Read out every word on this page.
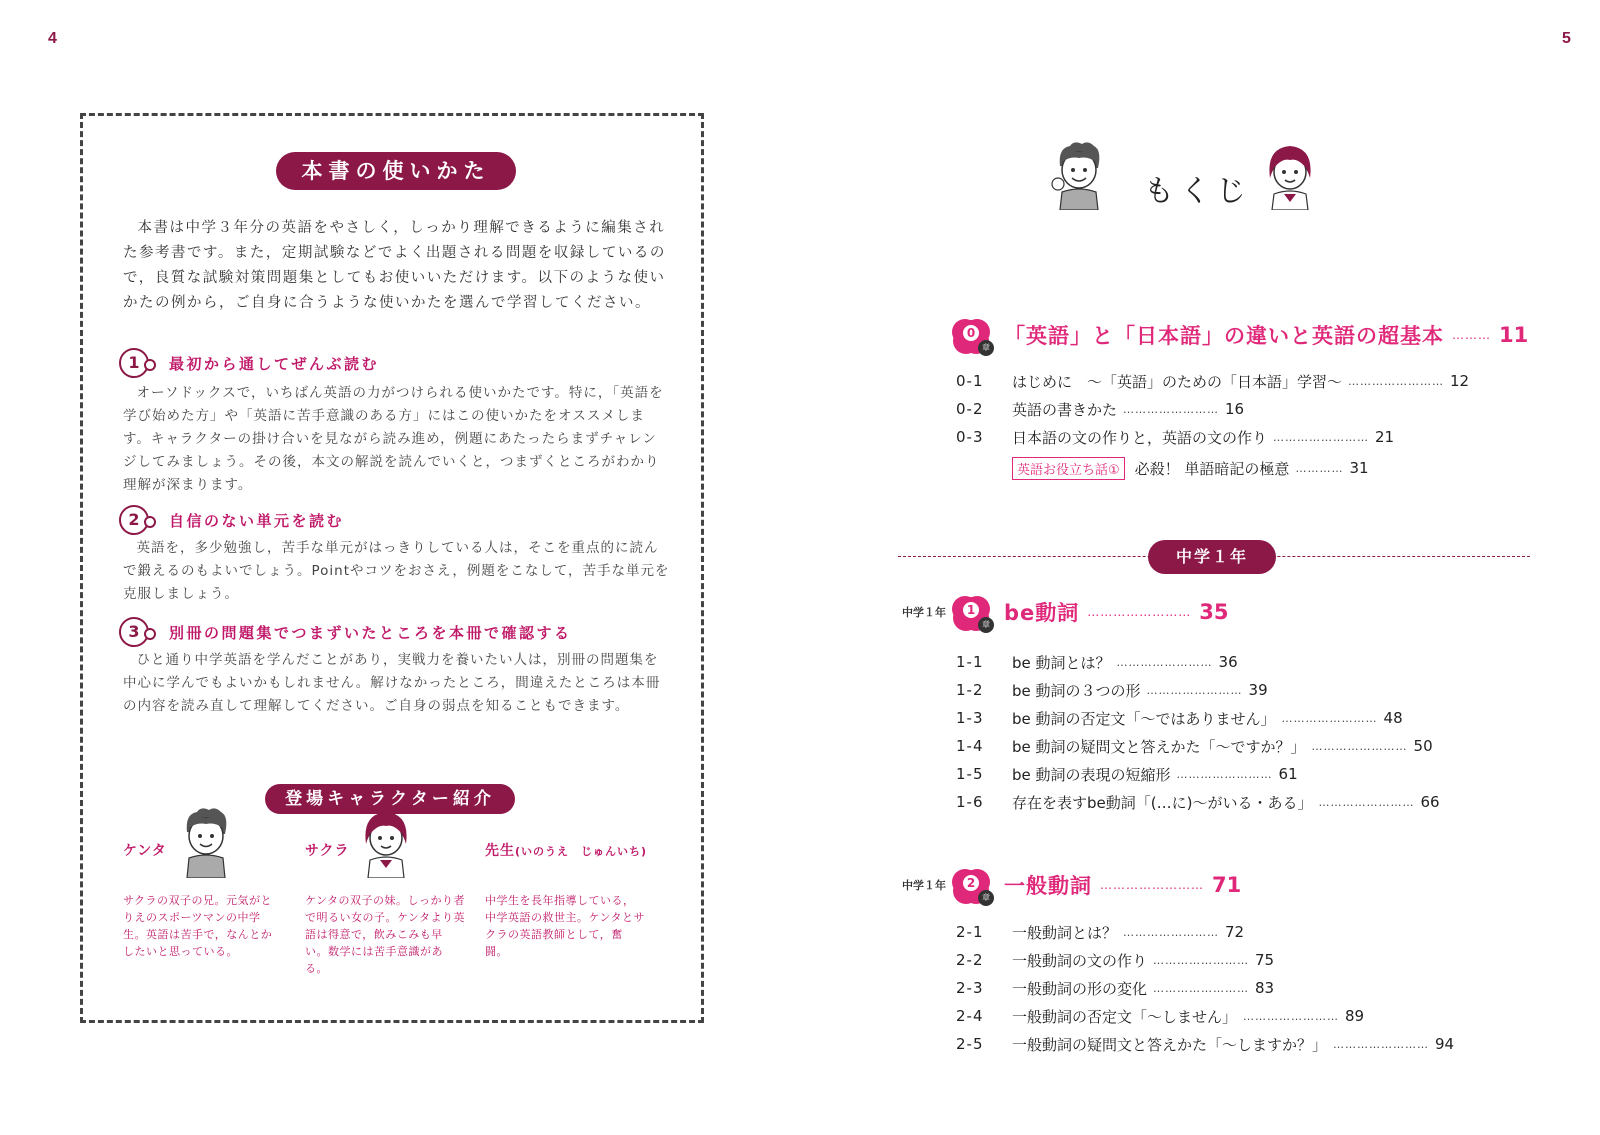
4	5
本書の使いかた

本書は中学３年分の英語をやさしく，しっかり理解できるように編集された参考書です。また，定期試験などでよく出題される問題を収録しているので，良質な試験対策問題集としてもお使いいただけます。以下のような使いかたの例から，ご自身に合うような使いかたを選んで学習してください。

1	最初から通してぜんぶ読む

オーソドックスで，いちばん英語の力がつけられる使いかたです。特に，「英語を学び始めた方」や「英語に苦手意識のある方」にはこの使いかたをオススメします。キャラクターの掛け合いを見ながら読み進め，例題にあたったらまずチャレンジしてみましょう。その後，本文の解説を読んでいくと，つまずくところがわかり理解が深まります。

2	自信のない単元を読む

英語を，多少勉強し，苦手な単元がはっきりしている人は，そこを重点的に読んで鍛えるのもよいでしょう。Pointやコツをおさえ，例題をこなして，苦手な単元を克服しましょう。

3	別冊の問題集でつまずいたところを本冊で確認する

ひと通り中学英語を学んだことがあり，実戦力を養いたい人は，別冊の問題集を中心に学んでもよいかもしれません。解けなかったところ，間違えたところは本冊の内容を読み直して理解してください。ご自身の弱点を知ることもできます。

登場キャラクター紹介
ケンタ	サクラ	先生(いのうえ　じゅんいち)

サクラの双子の兄。元気がとりえのスポーツマンの中学生。英語は苦手で，なんとかしたいと思っている。

ケンタの双子の妹。しっかり者で明るい女の子。ケンタより英語は得意で，飲みこみも早い。数学には苦手意識がある。

中学生を長年指導している，中学英語の救世主。ケンタとサクラの英語教師として，奮闘。

もくじ
0
章 「英語」と「日本語」の違いと英語の超基本 ……… 11
0-1	はじめに　～「英語」のための「日本語」学習～ …………………… 12
0-2	英語の書きかた …………………… 16
0-3	日本語の文の作りと，英語の文の作り …………………… 21
英語お役立ち話①	必殺！ 単語暗記の極意 ………… 31
中学１年
中学１年	1
章 be動詞 …………………… 35
1-1	be 動詞とは？ …………………… 36
1-2	be 動詞の３つの形 …………………… 39
1-3	be 動詞の否定文「～ではありません」 …………………… 48
1-4	be 動詞の疑問文と答えかた「～ですか？」 …………………… 50
1-5	be 動詞の表現の短縮形 …………………… 61
1-6	存在を表すbe動詞「(…に)～がいる・ある」 …………………… 66
中学１年	2
章 一般動詞 …………………… 71
2-1	一般動詞とは？ …………………… 72
2-2	一般動詞の文の作り …………………… 75
2-3	一般動詞の形の変化 …………………… 83
2-4	一般動詞の否定文「～しません」 …………………… 89
2-5	一般動詞の疑問文と答えかた「～しますか？」 …………………… 94
